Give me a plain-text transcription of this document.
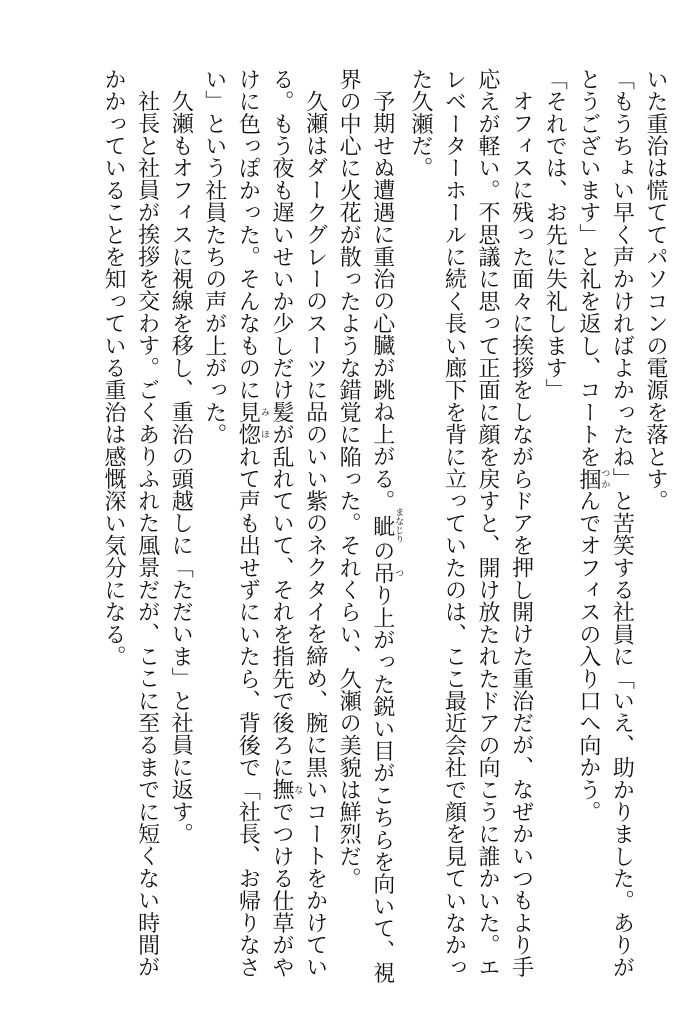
いた重治は慌ててパソコンの電源を落とす。

「もうちょい早く声かければよかったね」と苦笑する社員に「いえ、助かりました。ありがとうございます」と礼を返し、コートを掴つかんでオフィスの入り口へ向かう。

「それでは、お先に失礼します」

オフィスに残った面々に挨拶をしながらドアを押し開けた重治だが、なぜかいつもより手応えが軽い。不思議に思って正面に顔を戻すと、開け放たれたドアの向こうに誰かいた。エレベーターホールに続く長い廊下を背に立っていたのは、ここ最近会社で顔を見ていなかった久瀬だ。

予期せぬ遭遇に重治の心臓が跳ね上がる。眦まなじりの吊つり上がった鋭い目がこちらを向いて、視界の中心に火花が散ったような錯覚に陥った。それくらい、久瀬の美貌は鮮烈だ。

久瀬はダークグレーのスーツに品のいい紫のネクタイを締め、腕に黒いコートをかけている。もう夜も遅いせいか少しだけ髪が乱れていて、それを指先で後ろに撫なでつける仕草がやけに色っぽかった。そんなものに見み惚ほれて声も出せずにいたら、背後で「社長、お帰りなさい」という社員たちの声が上がった。

久瀬もオフィスに視線を移し、重治の頭越しに「ただいま」と社員に返す。

社長と社員が挨拶を交わす。ごくありふれた風景だが、ここに至るまでに短くない時間がかかっていることを知っている重治は感慨深い気分になる。
